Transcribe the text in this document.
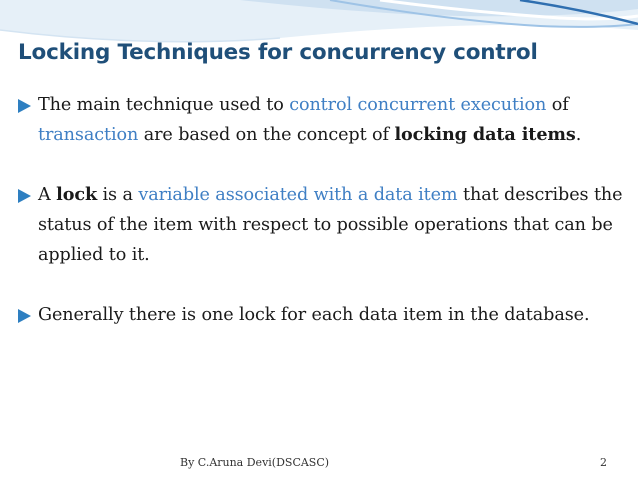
Locking Techniques for concurrency control
The main technique used to control concurrent execution of transaction are based on the concept of locking data items.
A lock is a variable associated with a data item that describes the status of the item with respect to possible operations that can be applied to it.
Generally there is one lock for each data item in the database.
By C.Aruna Devi(DSCASC)	2
